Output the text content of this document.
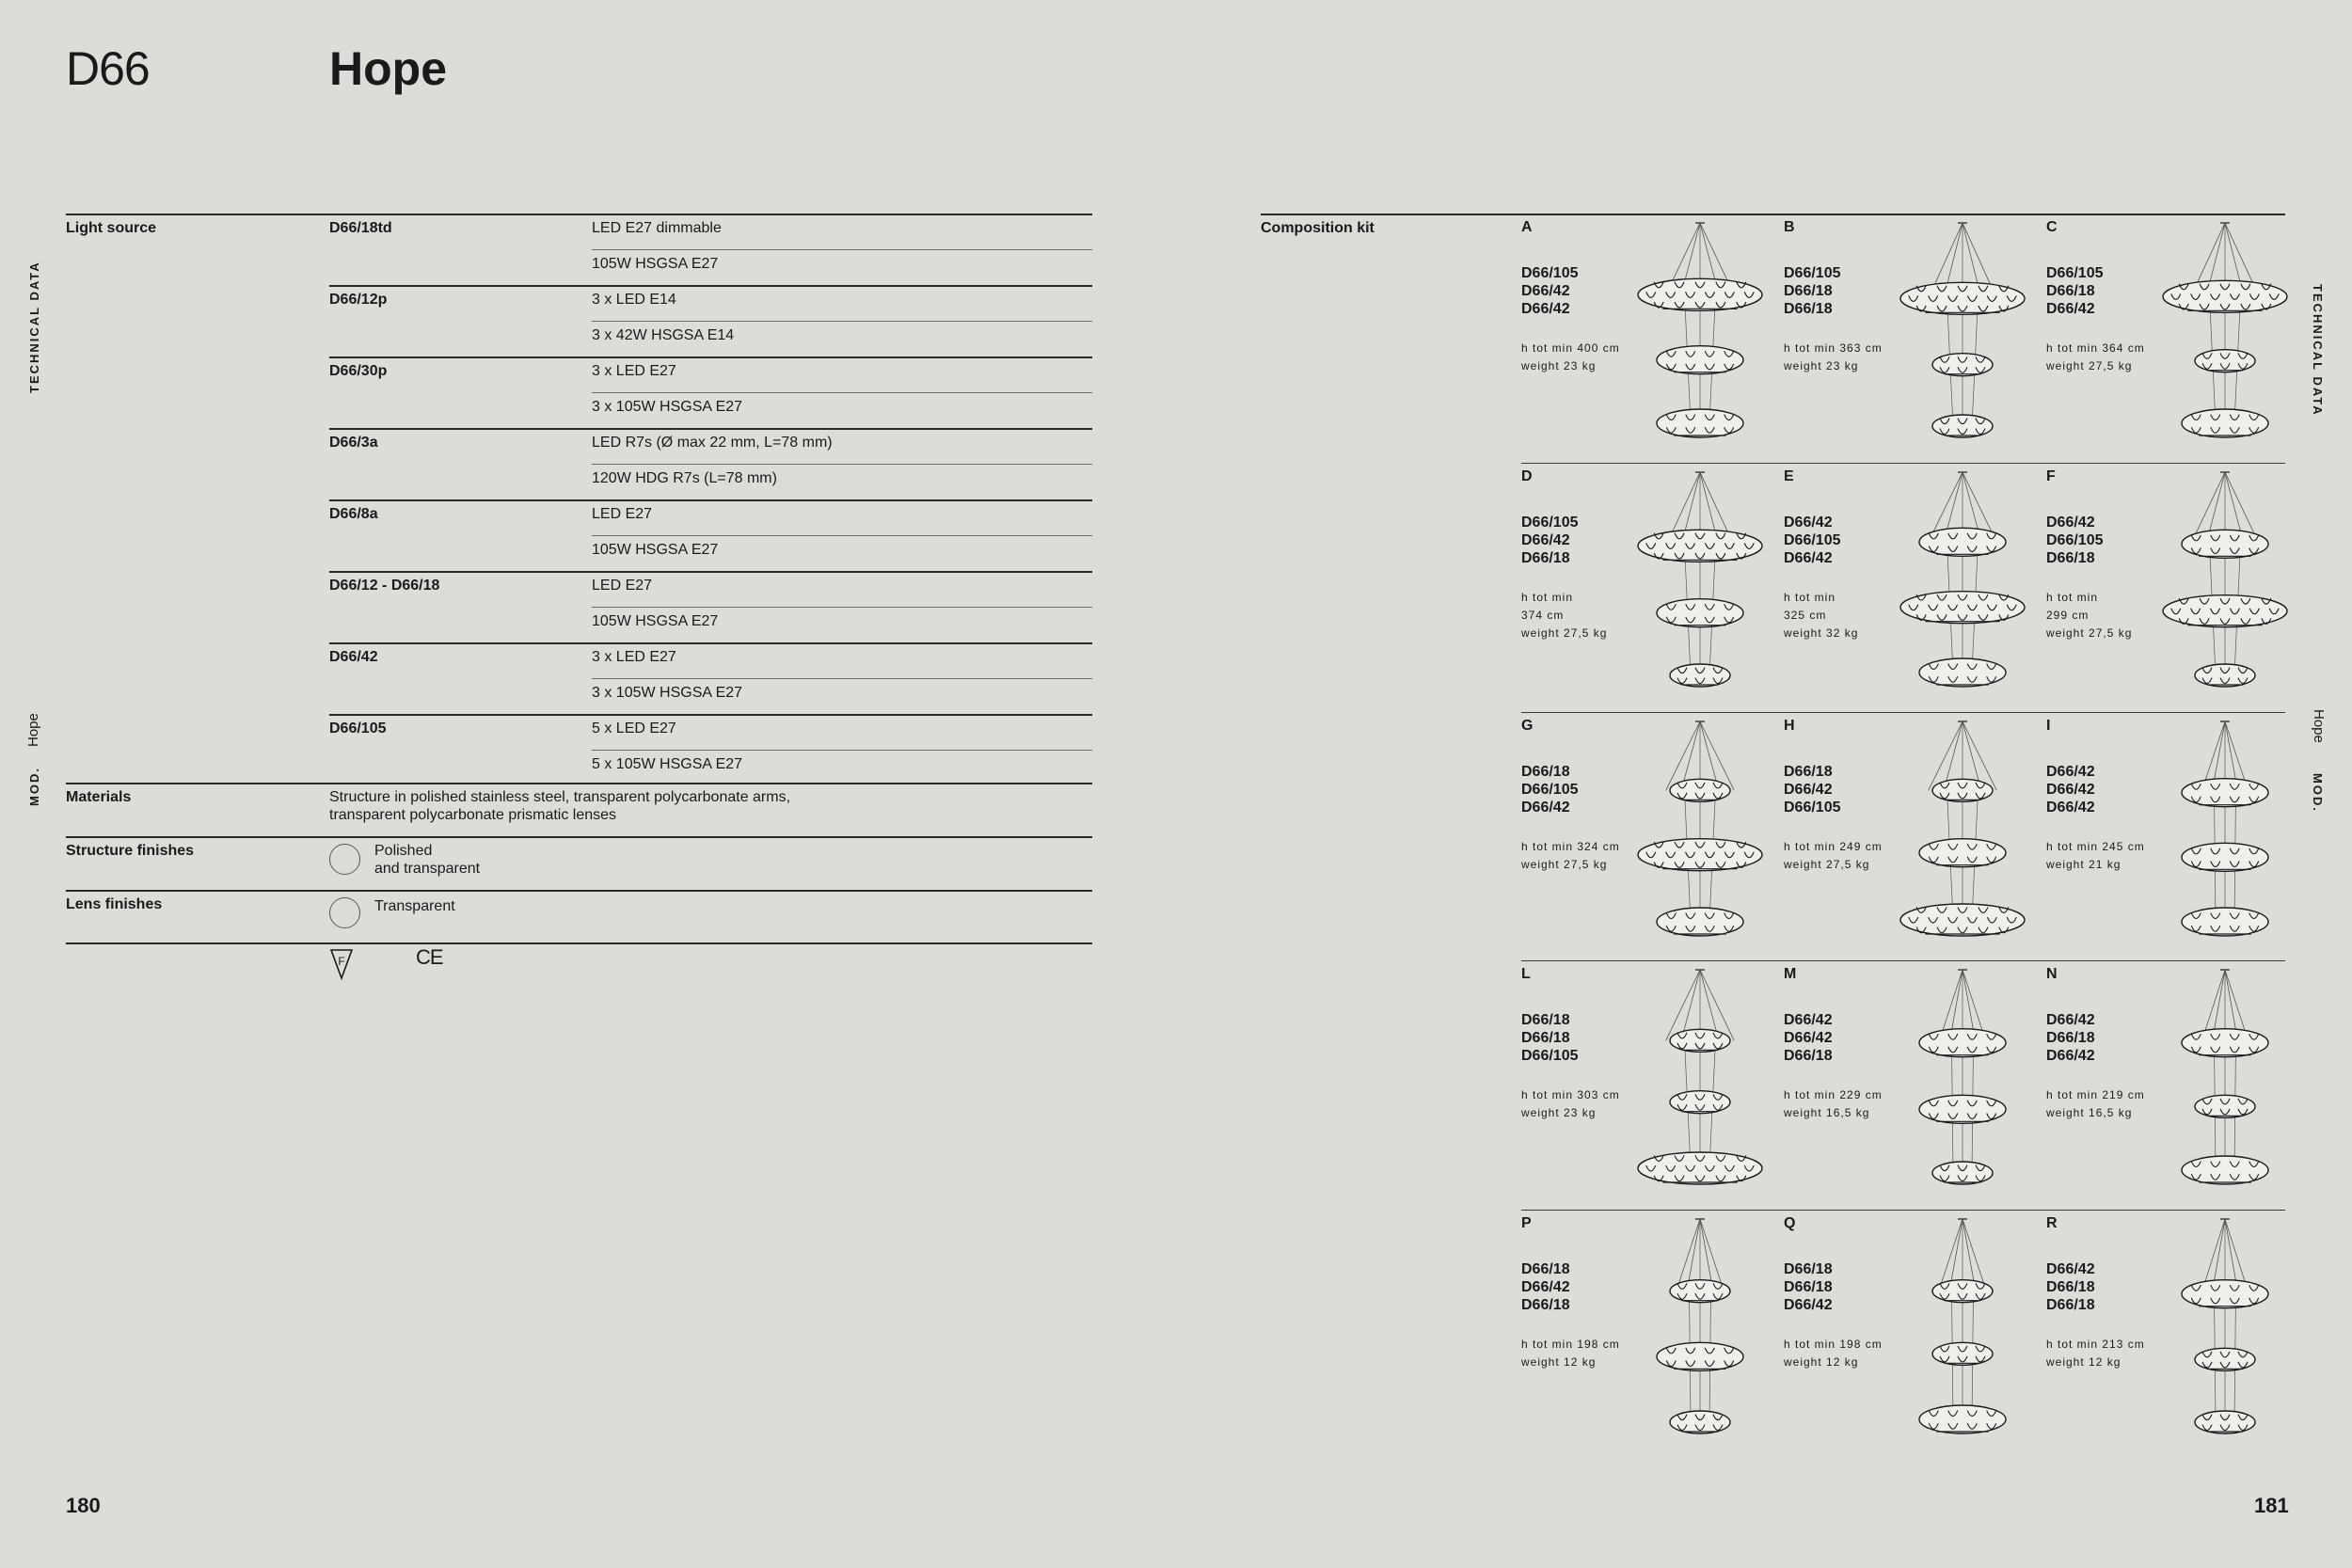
D66	Hope
TECHNICAL DATA
MOD.
Hope
TECHNICAL DATA
MOD.
Hope
Light source	D66/18td	LED E27 dimmable
105W HSGSA E27
D66/12p	3 x LED E14
3 x 42W HSGSA E14
D66/30p	3 x LED E27
3 x 105W HSGSA E27
D66/3a	LED R7s (Ø max 22 mm, L=78 mm)
120W HDG R7s (L=78 mm)
D66/8a	LED E27
105W HSGSA E27
D66/12 - D66/18	LED E27
105W HSGSA E27
D66/42	3 x LED E27
3 x 105W HSGSA E27
D66/105	5 x LED E27
5 x 105W HSGSA E27
Materials	Structure in polished stainless steel, transparent polycarbonate arms,
transparent polycarbonate prismatic lenses
Structure finishes	Polished
and transparent
Lens finishes	Transparent
F	CE
Composition kit	A
D66/105
D66/42
D66/42
h tot min 400 cm
weight 23 kg
B
D66/105
D66/18
D66/18
h tot min 363 cm
weight 23 kg
C
D66/105
D66/18
D66/42
h tot min 364 cm
weight 27,5 kg
D
D66/105
D66/42
D66/18
h tot min
374 cm
weight 27,5 kg
E
D66/42
D66/105
D66/42
h tot min
325 cm
weight 32 kg
F
D66/42
D66/105
D66/18
h tot min
299 cm
weight 27,5 kg
G
D66/18
D66/105
D66/42
h tot min 324 cm
weight 27,5 kg
H
D66/18
D66/42
D66/105
h tot min 249 cm
weight 27,5 kg
I
D66/42
D66/42
D66/42
h tot min 245 cm
weight 21 kg
L
D66/18
D66/18
D66/105
h tot min 303 cm
weight 23 kg
M
D66/42
D66/42
D66/18
h tot min 229 cm
weight 16,5 kg
N
D66/42
D66/18
D66/42
h tot min 219 cm
weight 16,5 kg
P
D66/18
D66/42
D66/18
h tot min 198 cm
weight 12 kg
Q
D66/18
D66/18
D66/42
h tot min 198 cm
weight 12 kg
R
D66/42
D66/18
D66/18
h tot min 213 cm
weight 12 kg
180	181
